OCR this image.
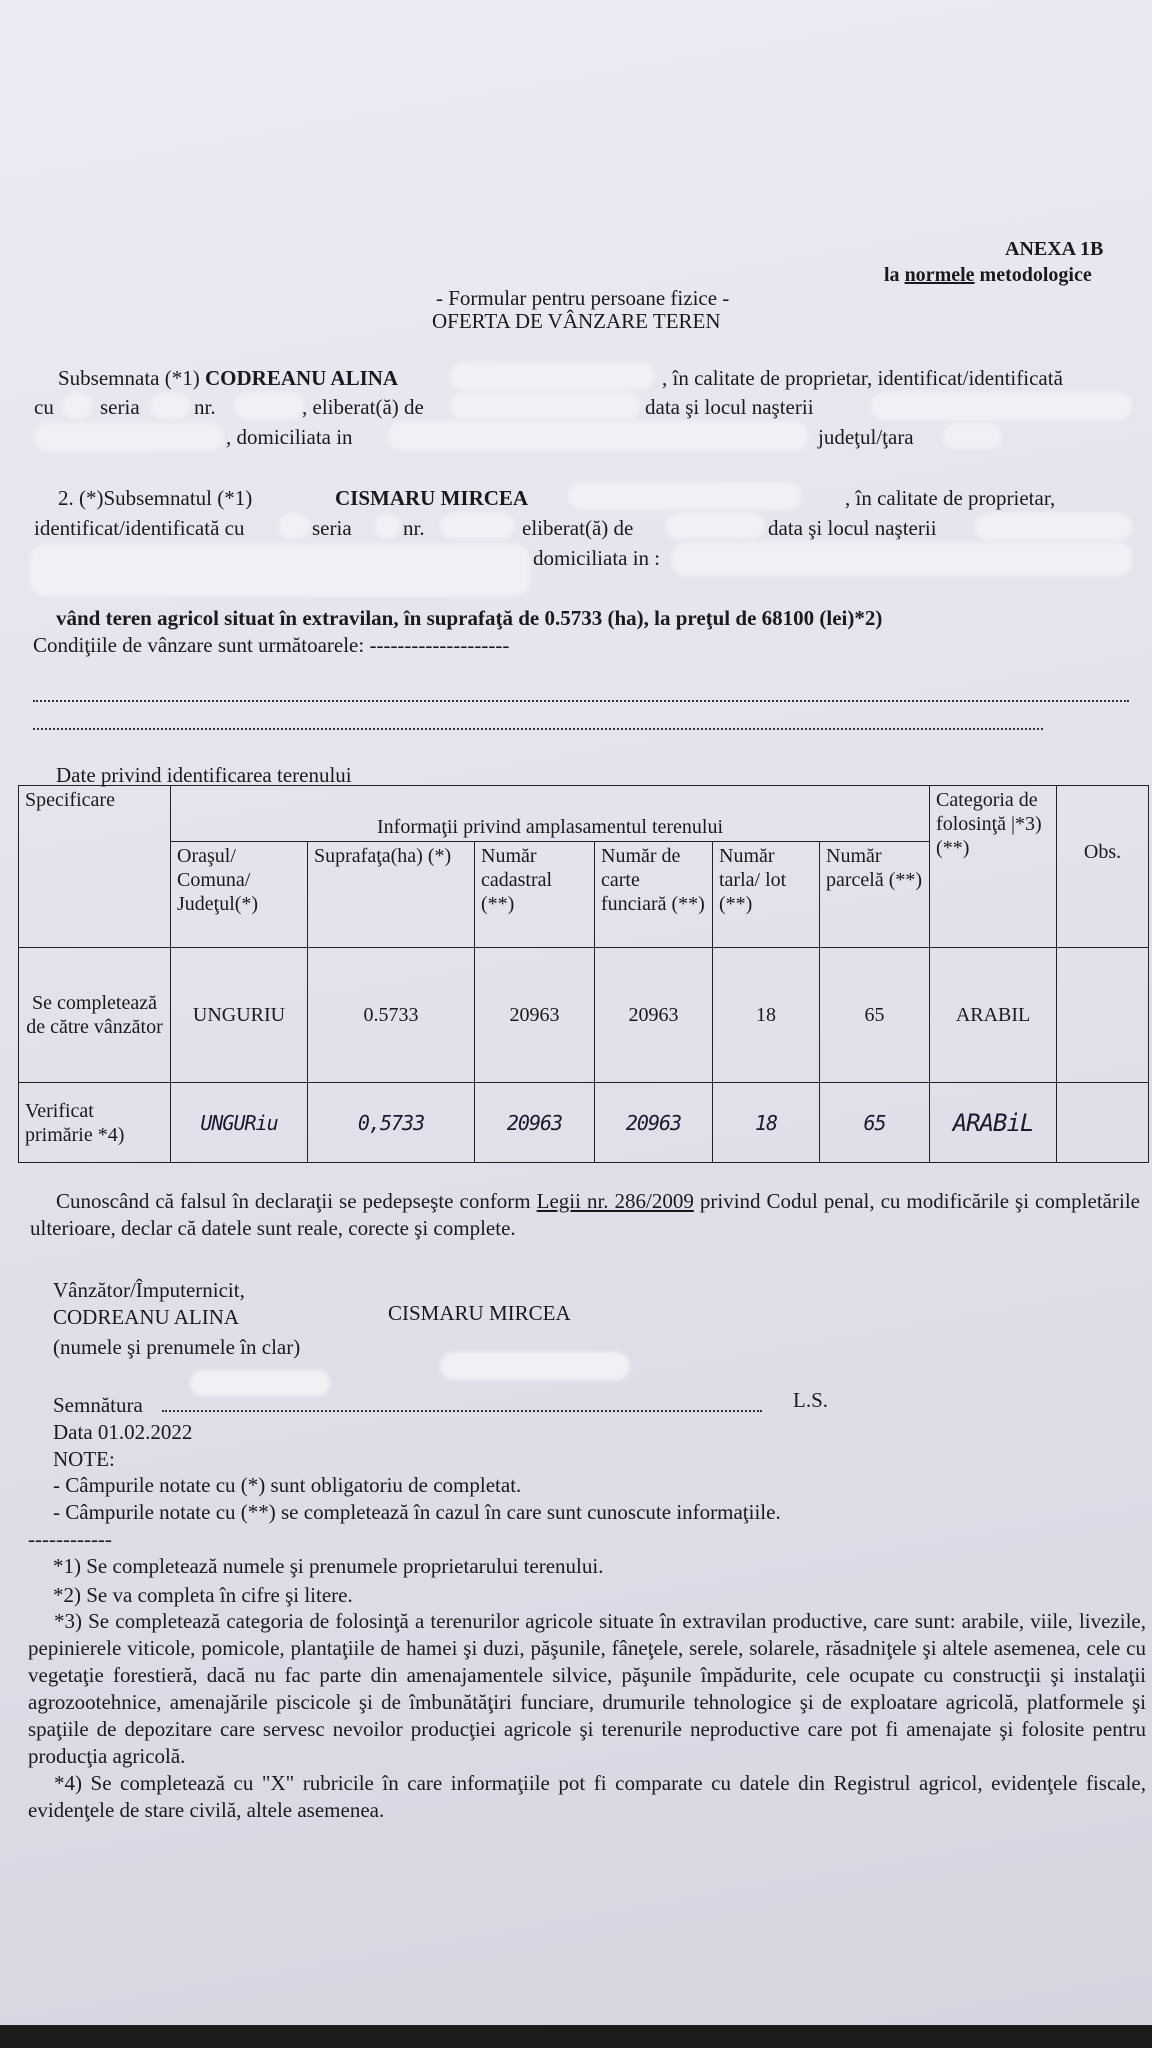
ANEXA 1B
la normele metodologice
- Formular pentru persoane fizice -
OFERTA DE VÂNZARE TEREN
Subsemnata (*1) CODREANU ALINA	, în calitate de proprietar, identificat/identificată
cu seria	nr.	, eliberat(ă) de	data şi locul naşterii
, domiciliata in	judeţul/ţara
2. (*)Subsemnatul (*1)	CISMARU MIRCEA	, în calitate de proprietar,
identificat/identificată cu	seria nr.	eliberat(ă) de	data şi locul naşterii
domiciliata in :
vând teren agricol situat în extravilan, în suprafaţă de 0.5733 (ha), la preţul de 68100 (lei)*2)
Condiţiile de vânzare sunt următoarele: --------------------
Date privind identificarea terenului
Specificare	Informaţii privind amplasamentul terenului						Categoria de folosinţă |*3) (**)	Obs.
	Oraşul/ Comuna/ Judeţul(*)	Suprafaţa(ha) (*)	Număr cadastral (**)	Număr de carte funciară (**)	Număr tarla/ lot (**)	Număr parcelă (**)		
Se completează de către vânzător	UNGURIU	0.5733	20963	20963	18	65	ARABIL	
Verificat primărie *4)	UNGURiu	0,5733	20963	20963	18	65	ARABiL	
Cunoscând că falsul în declaraţii se pedepseşte conform Legii nr. 286/2009 privind Codul penal, cu modificările şi completările ulterioare, declar că datele sunt reale, corecte şi complete.
Vânzător/Împuternicit,
CODREANU ALINA	CISMARU MIRCEA
(numele şi prenumele în clar)
Semnătura	L.S.
Data 01.02.2022
NOTE:
- Câmpurile notate cu (*) sunt obligatoriu de completat.
- Câmpurile notate cu (**) se completează în cazul în care sunt cunoscute informaţiile.
------------
*1) Se completează numele şi prenumele proprietarului terenului.
*2) Se va completa în cifre şi litere.
*3) Se completează categoria de folosinţă a terenurilor agricole situate în extravilan productive, care sunt: arabile, viile, livezile, pepinierele viticole, pomicole, plantaţiile de hamei şi duzi, păşunile, fâneţele, serele, solarele, răsadniţele şi altele asemenea, cele cu vegetaţie forestieră, dacă nu fac parte din amenajamentele silvice, păşunile împădurite, cele ocupate cu construcţii şi instalaţii agrozootehnice, amenajările piscicole şi de îmbunătăţiri funciare, drumurile tehnologice şi de exploatare agricolă, platformele şi spaţiile de depozitare care servesc nevoilor producţiei agricole şi terenurile neproductive care pot fi amenajate şi folosite pentru producţia agricolă.
*4) Se completează cu "X" rubricile în care informaţiile pot fi comparate cu datele din Registrul agricol, evidenţele fiscale, evidenţele de stare civilă, altele asemenea.
